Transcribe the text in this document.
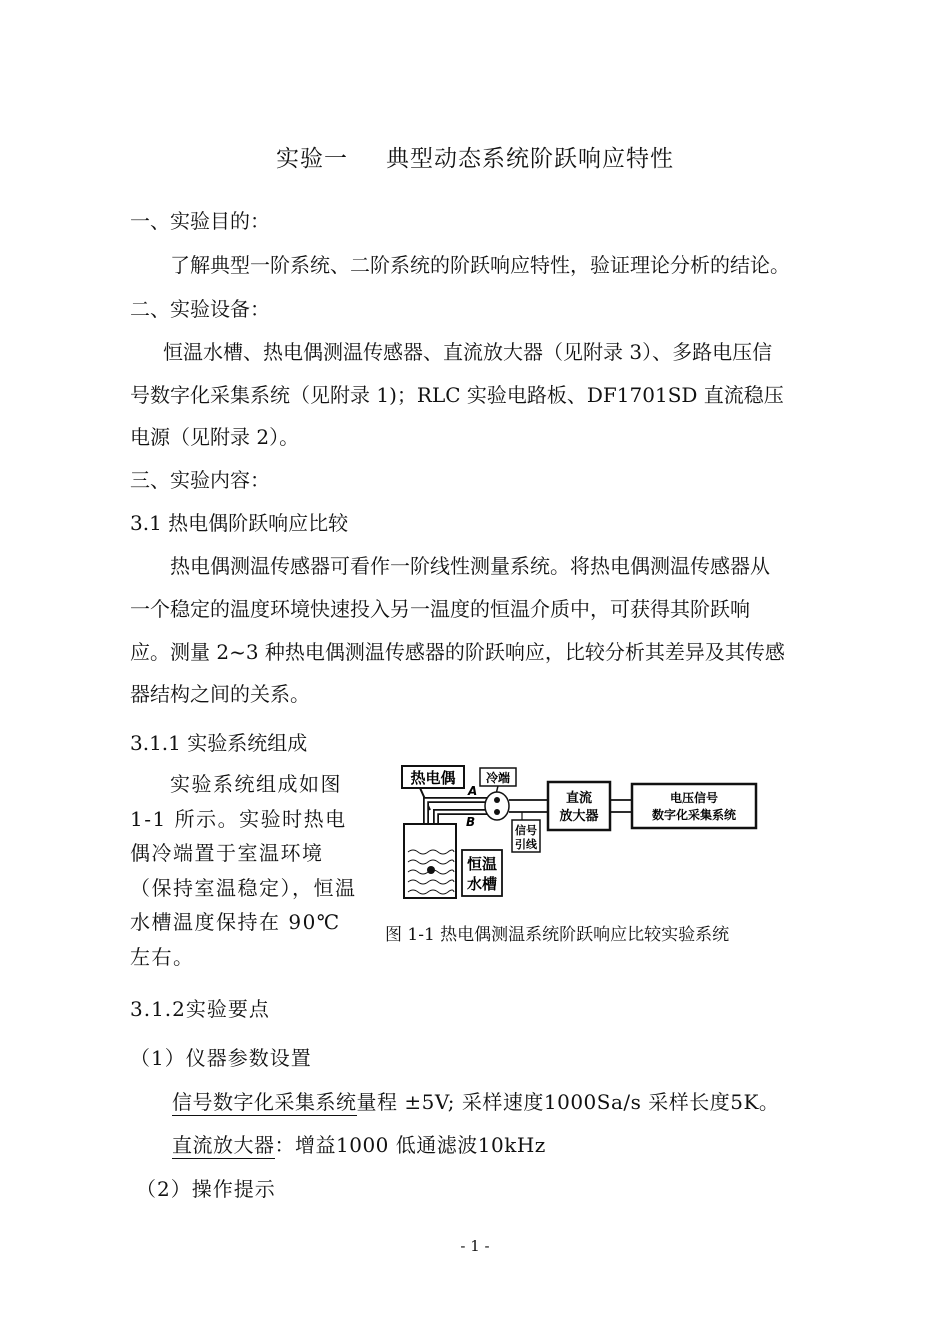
实验一 典型动态系统阶跃响应特性
一、实验目的：
了解典型一阶系统、二阶系统的阶跃响应特性，验证理论分析的结论。
二、实验设备：
恒温水槽、热电偶测温传感器、直流放大器（见附录 3）、多路电压信
号数字化采集系统（见附录 1)；RLC 实验电路板、DF1701SD 直流稳压
电源（见附录 2）。
三、实验内容：
3.1 热电偶阶跃响应比较
热电偶测温传感器可看作一阶线性测量系统。将热电偶测温传感器从
一个稳定的温度环境快速投入另一温度的恒温介质中，可获得其阶跃响
应。测量 2~3 种热电偶测温传感器的阶跃响应，比较分析其差异及其传感
器结构之间的关系。
3.1.1 实验系统组成
实验系统组成如图 1-1 所示。实验时热电偶冷端置于室温环境（保持室温稳定），恒温水槽温度保持在 90℃左右。
热电偶	冷端
A
B
信号
引线
直流
放大器
电压信号
数字化采集系统
恒温
水槽
图 1-1 热电偶测温系统阶跃响应比较实验系统
3.1.2实验要点
（1）仪器参数设置
信号数字化采集系统量程 ±5V; 采样速度1000Sa/s 采样长度5K。
直流放大器：增益1000 低通滤波10kHz
（2）操作提示
- 1 -
